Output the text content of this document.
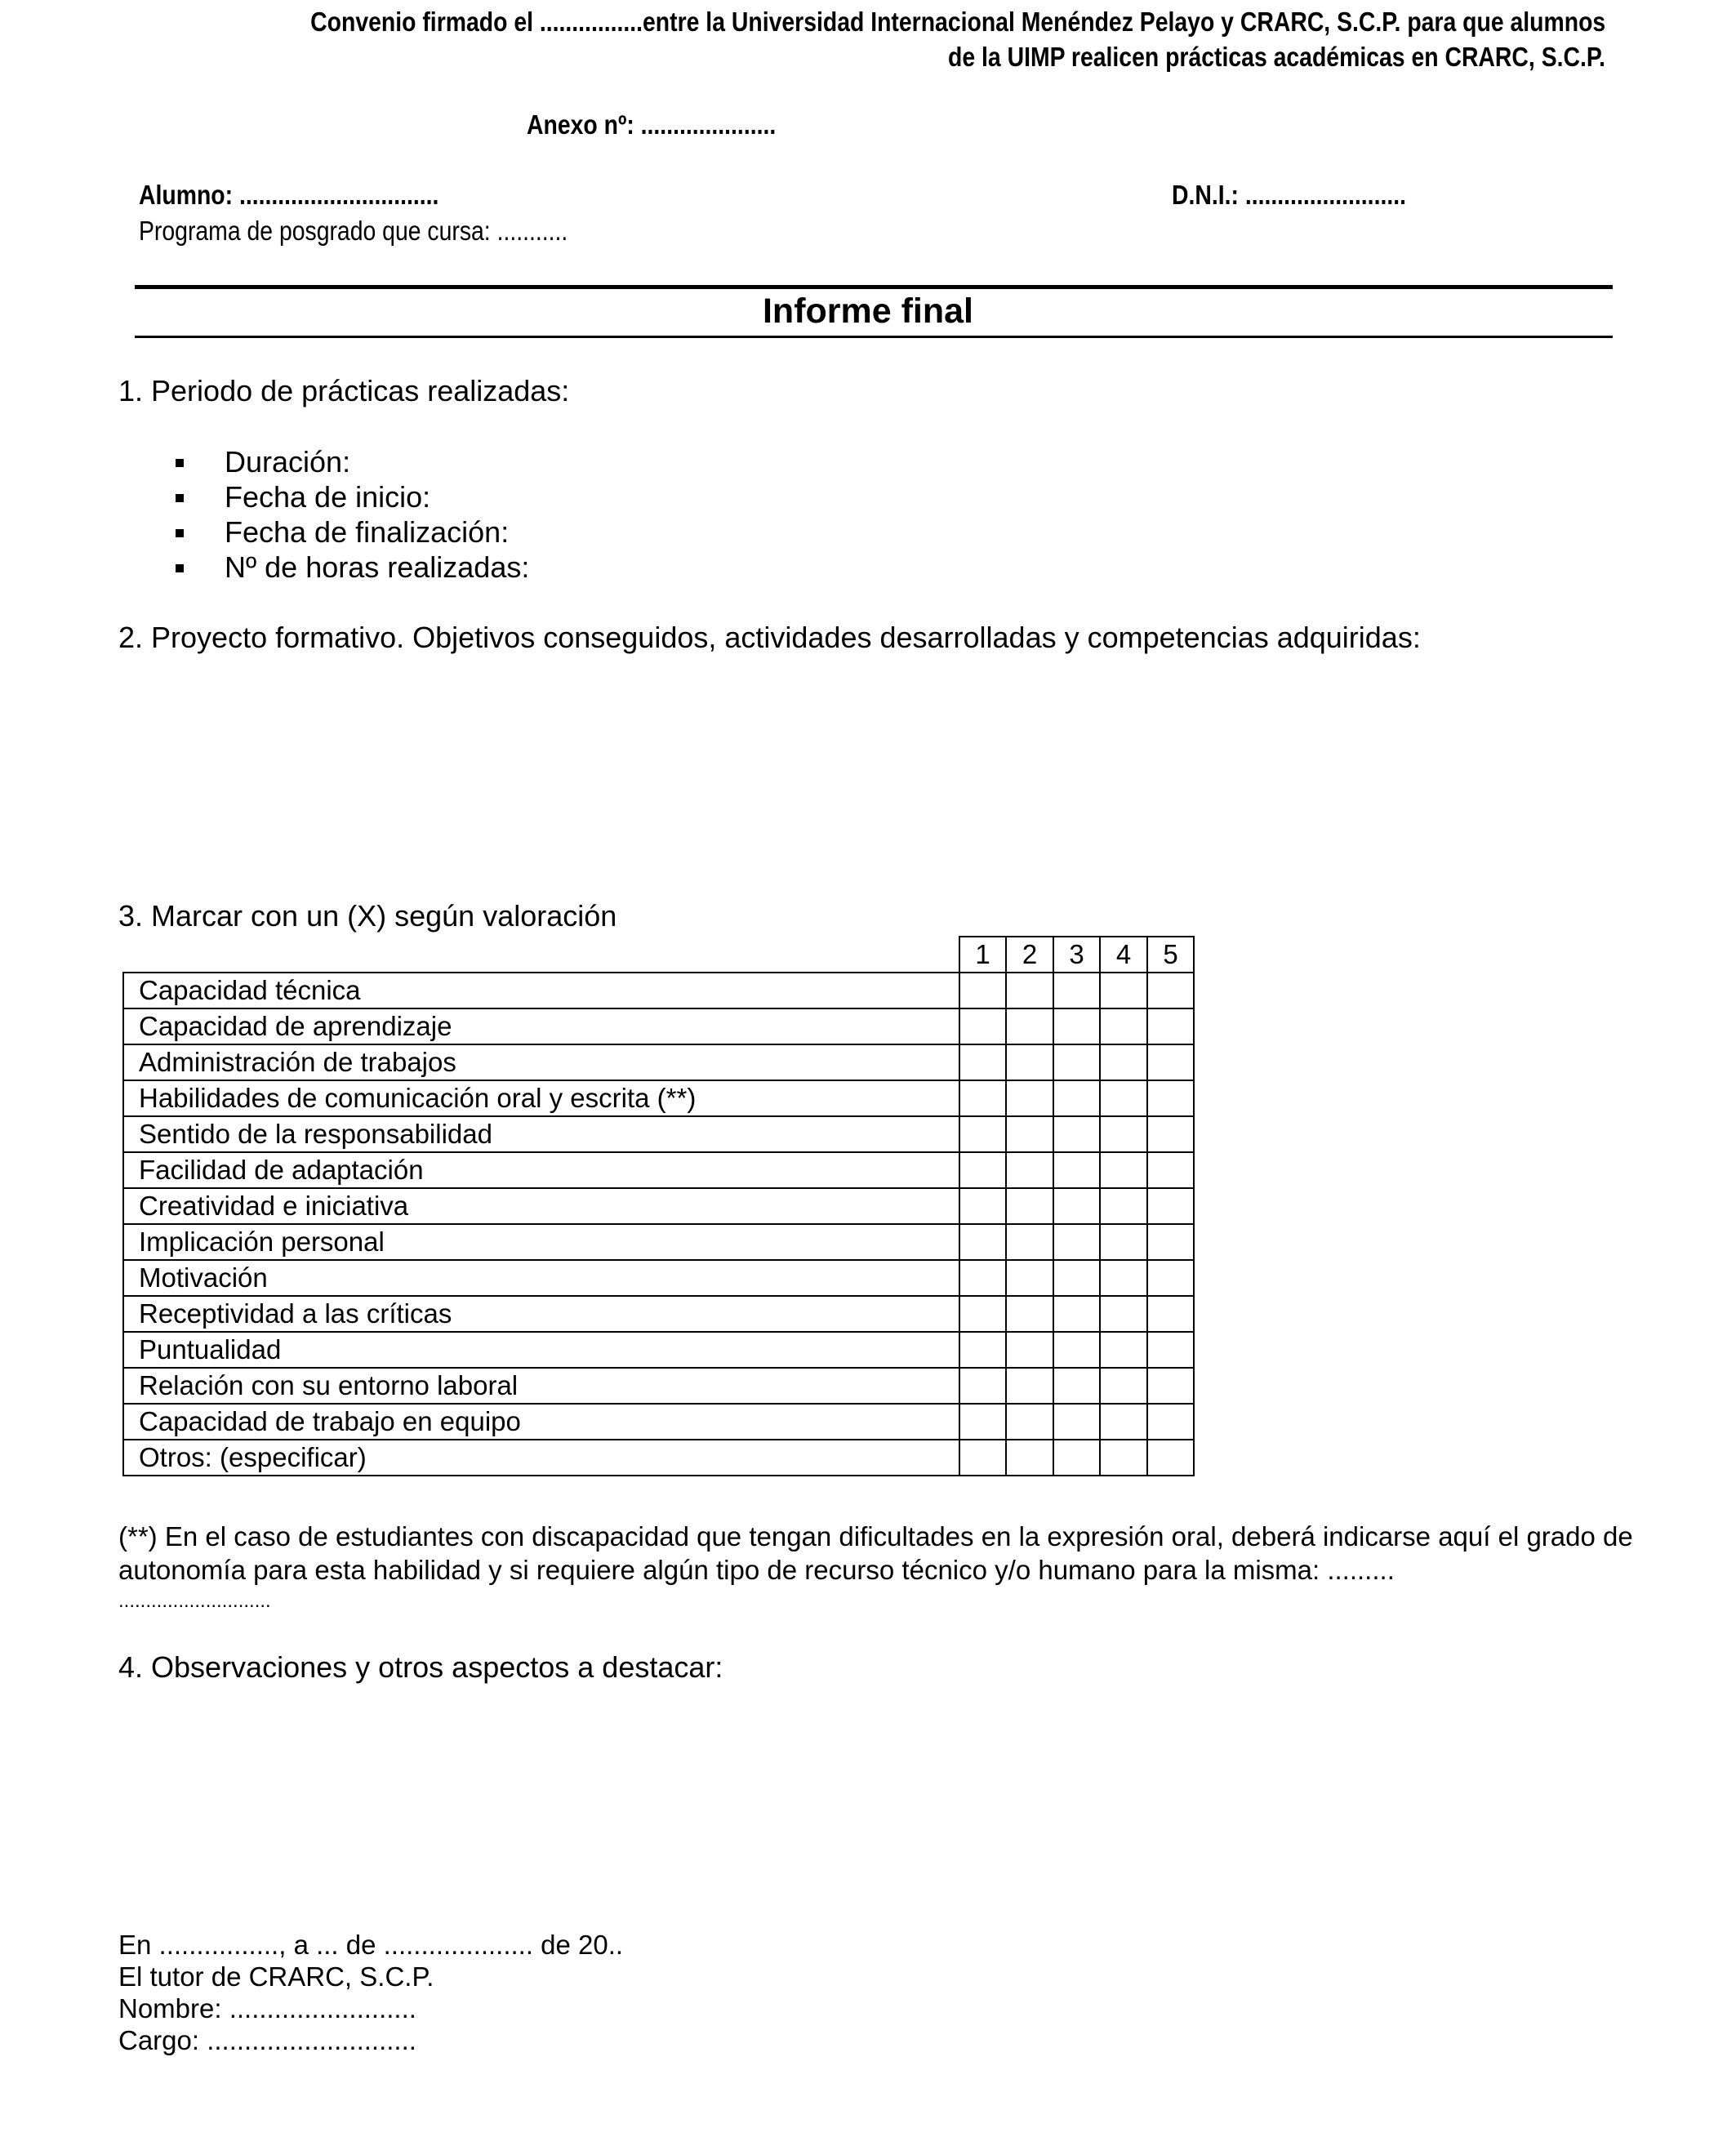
Convenio firmado el ................entre la Universidad Internacional Menéndez Pelayo y CRARC, S.C.P. para que alumnos
de la UIMP realicen prácticas académicas en CRARC, S.C.P.
Anexo nº: .....................
Alumno: ...............................	D.N.I.: .........................
Programa de posgrado que cursa: ...........
Informe final
1. Periodo de prácticas realizadas:
Duración:
Fecha de inicio:
Fecha de finalización:
Nº de horas realizadas:
2. Proyecto formativo. Objetivos conseguidos, actividades desarrolladas y competencias adquiridas:
3. Marcar con un (X) según valoración
	1	2	3	4	5
Capacidad técnica					
Capacidad de aprendizaje					
Administración de trabajos					
Habilidades de comunicación oral y escrita (**)					
Sentido de la responsabilidad					
Facilidad de adaptación					
Creatividad e iniciativa					
Implicación personal					
Motivación					
Receptividad a las críticas					
Puntualidad					
Relación con su entorno laboral					
Capacidad de trabajo en equipo					
Otros: (especificar)					
(**) En el caso de estudiantes con discapacidad que tengan dificultades en la expresión oral, deberá indicarse aquí el grado de
autonomía para esta habilidad y si requiere algún tipo de recurso técnico y/o humano para la misma: .........
............................
4. Observaciones y otros aspectos a destacar:
En ................, a ... de .................... de 20..
El tutor de CRARC, S.C.P.
Nombre: .........................
Cargo: ............................
